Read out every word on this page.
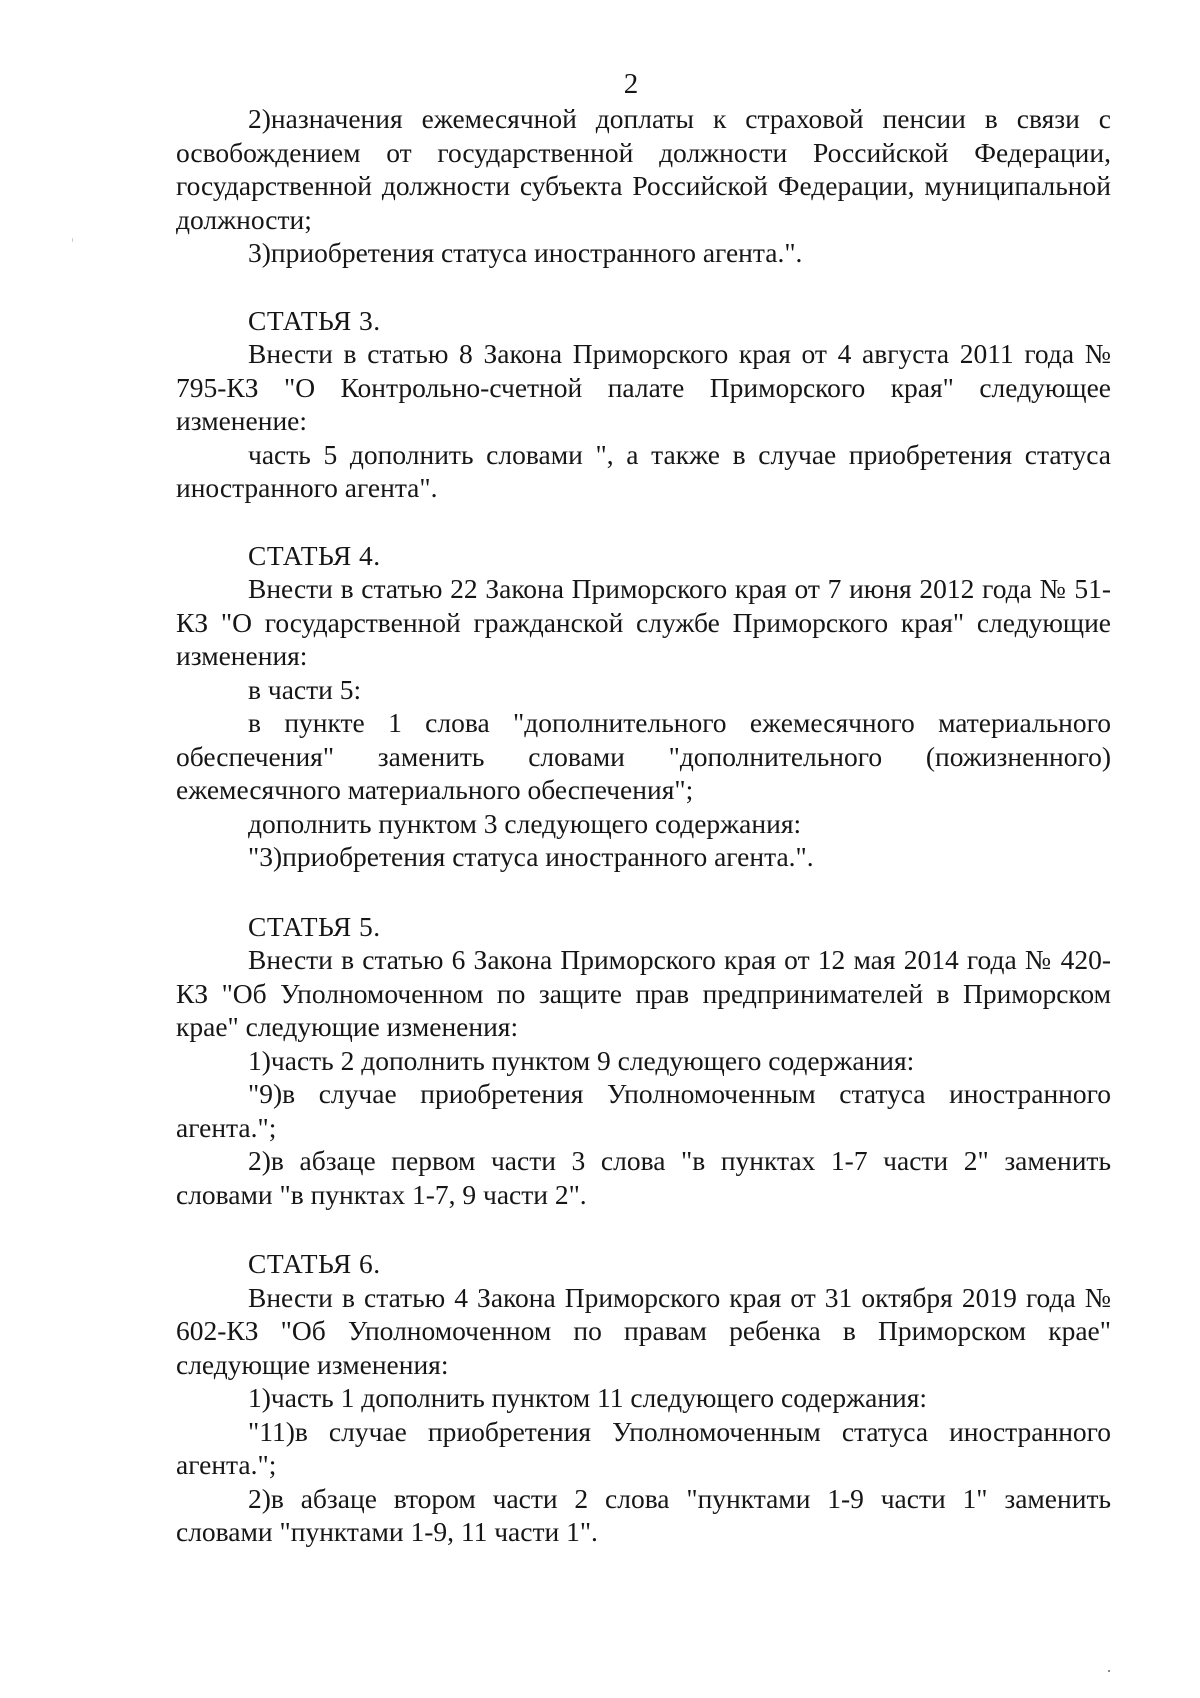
2

2)назначения ежемесячной доплаты к страховой пенсии в связи с освобождением от государственной должности Российской Федерации, государственной должности субъекта Российской Федерации, муниципальной должности;

3)приобретения статуса иностранного агента.".

СТАТЬЯ 3.

Внести в статью 8 Закона Приморского края от 4 августа 2011 года № 795-КЗ "О Контрольно-счетной палате Приморского края" следующее изменение:

часть 5 дополнить словами ", а также в случае приобретения статуса иностранного агента".

СТАТЬЯ 4.

Внести в статью 22 Закона Приморского края от 7 июня 2012 года № 51-КЗ "О государственной гражданской службе Приморского края" следующие изменения:

в части 5:

в пункте 1 слова "дополнительного ежемесячного материального обеспечения" заменить словами "дополнительного (пожизненного) ежемесячного материального обеспечения";

дополнить пунктом 3 следующего содержания:

"3)приобретения статуса иностранного агента.".

СТАТЬЯ 5.

Внести в статью 6 Закона Приморского края от 12 мая 2014 года № 420-КЗ "Об Уполномоченном по защите прав предпринимателей в Приморском крае" следующие изменения:

1)часть 2 дополнить пунктом 9 следующего содержания:

"9)в случае приобретения Уполномоченным статуса иностранного агента.";

2)в абзаце первом части 3 слова "в пунктах 1-7 части 2" заменить словами "в пунктах 1-7, 9 части 2".

СТАТЬЯ 6.

Внести в статью 4 Закона Приморского края от 31 октября 2019 года № 602-КЗ "Об Уполномоченном по правам ребенка в Приморском крае" следующие изменения:

1)часть 1 дополнить пунктом 11 следующего содержания:

"11)в случае приобретения Уполномоченным статуса иностранного агента.";

2)в абзаце втором части 2 слова "пунктами 1-9 части 1" заменить словами "пунктами 1-9, 11 части 1".
